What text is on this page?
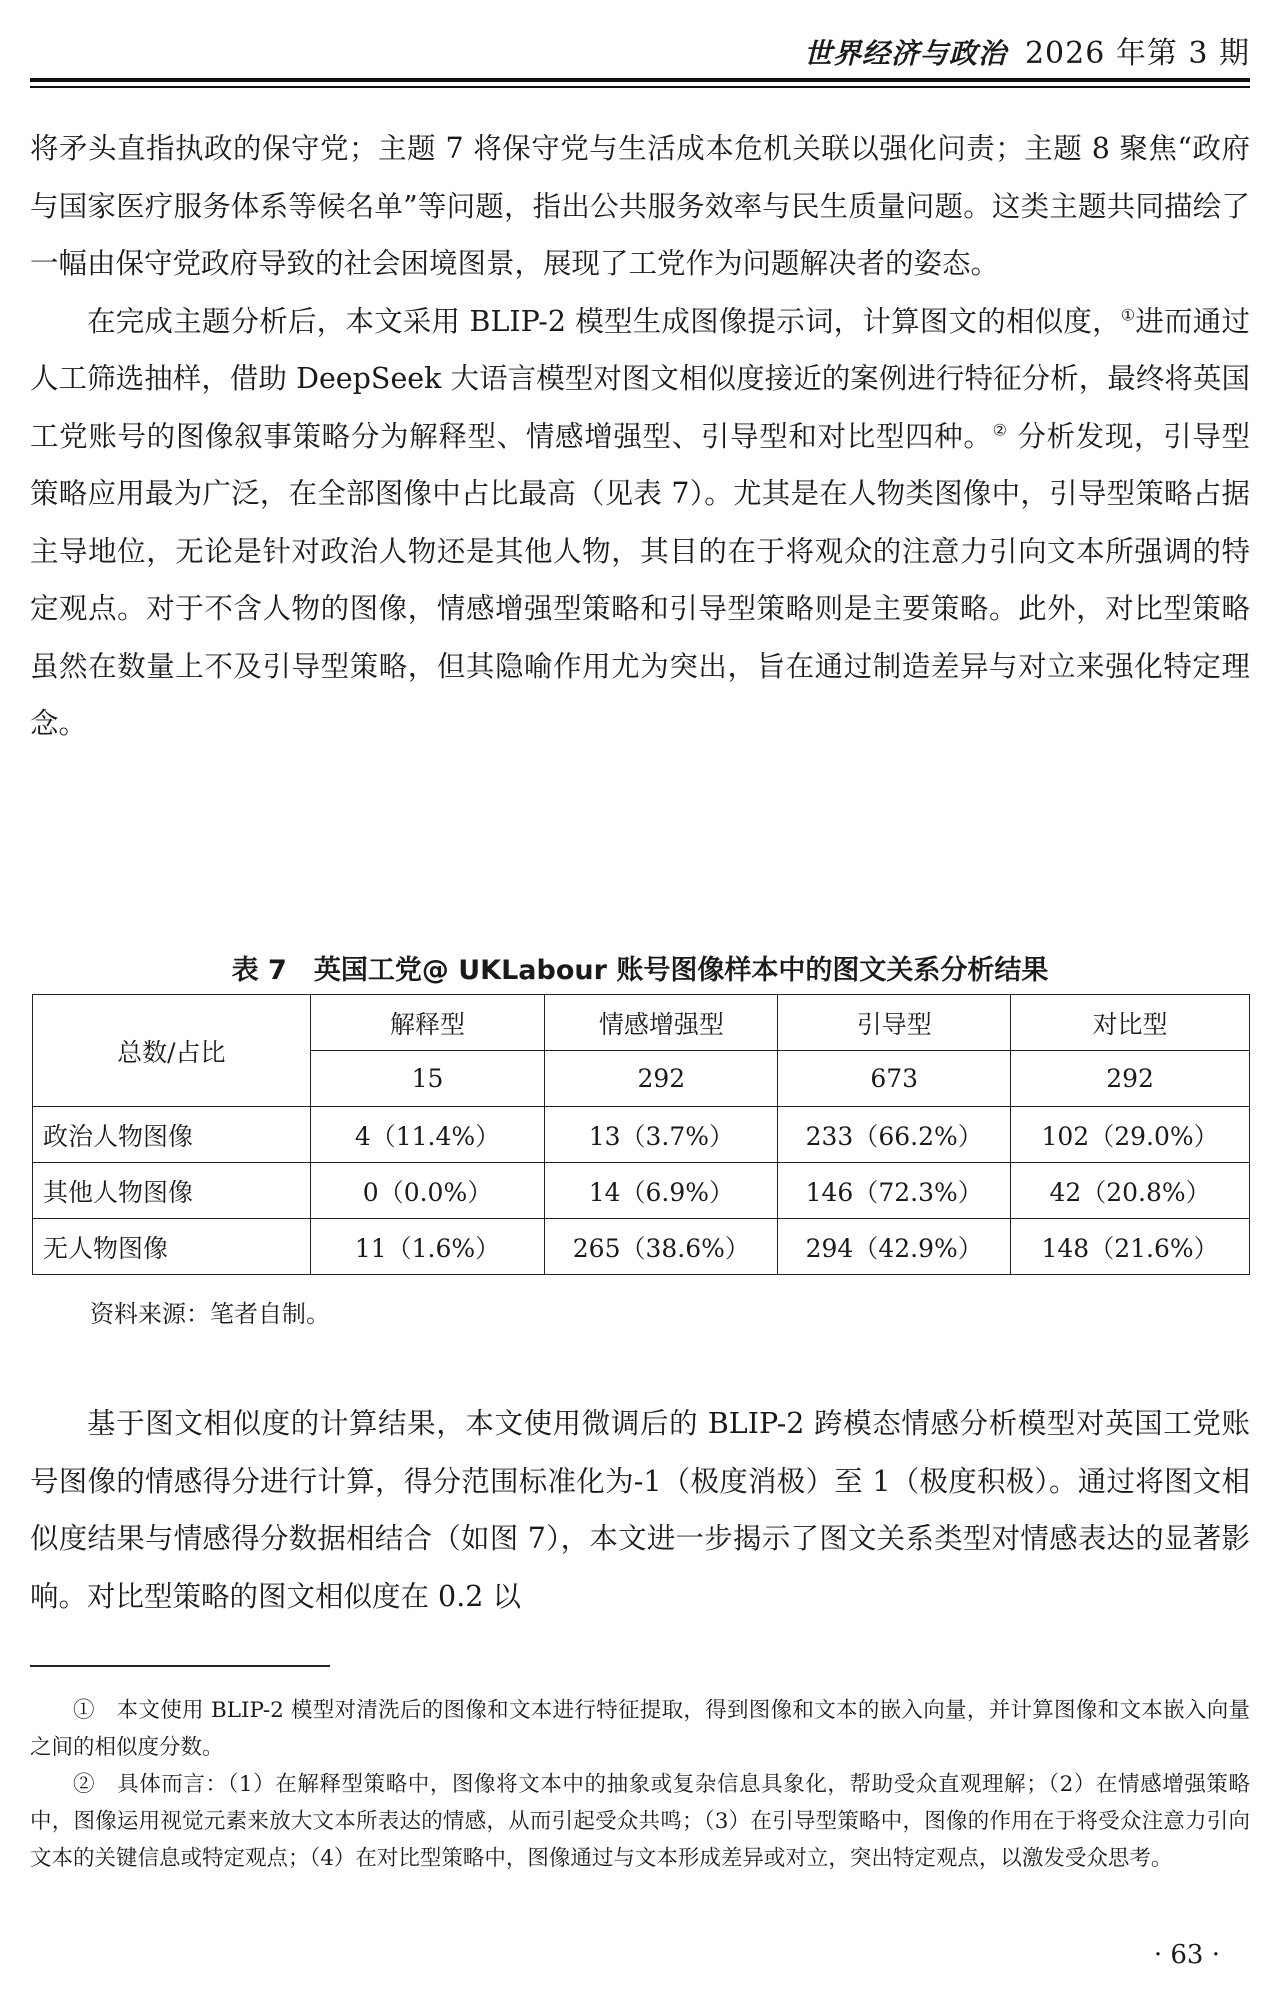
世界经济与政治 2026 年第 3 期

将矛头直指执政的保守党；主题 7 将保守党与生活成本危机关联以强化问责；主题 8 聚焦“政府与国家医疗服务体系等候名单”等问题，指出公共服务效率与民生质量问题。这类主题共同描绘了一幅由保守党政府导致的社会困境图景，展现了工党作为问题解决者的姿态。

在完成主题分析后，本文采用 BLIP-2 模型生成图像提示词，计算图文的相似度，①进而通过人工筛选抽样，借助 DeepSeek 大语言模型对图文相似度接近的案例进行特征分析，最终将英国工党账号的图像叙事策略分为解释型、情感增强型、引导型和对比型四种。② 分析发现，引导型策略应用最为广泛，在全部图像中占比最高（见表 7）。尤其是在人物类图像中，引导型策略占据主导地位，无论是针对政治人物还是其他人物，其目的在于将观众的注意力引向文本所强调的特定观点。对于不含人物的图像，情感增强型策略和引导型策略则是主要策略。此外，对比型策略虽然在数量上不及引导型策略，但其隐喻作用尤为突出，旨在通过制造差异与对立来强化特定理念。

表 7　英国工党@ UKLabour 账号图像样本中的图文关系分析结果
总数/占比	解释型	情感增强型	引导型	对比型
	15	292	673	292
政治人物图像	4（11.4%）	13（3.7%）	233（66.2%）	102（29.0%）
其他人物图像	0（0.0%）	14（6.9%）	146（72.3%）	42（20.8%）
无人物图像	11（1.6%）	265（38.6%）	294（42.9%）	148（21.6%）
资料来源：笔者自制。

基于图文相似度的计算结果，本文使用微调后的 BLIP-2 跨模态情感分析模型对英国工党账号图像的情感得分进行计算，得分范围标准化为-1（极度消极）至 1（极度积极）。通过将图文相似度结果与情感得分数据相结合（如图 7），本文进一步揭示了图文关系类型对情感表达的显著影响。对比型策略的图文相似度在 0.2 以

①　本文使用 BLIP-2 模型对清洗后的图像和文本进行特征提取，得到图像和文本的嵌入向量，并计算图像和文本嵌入向量之间的相似度分数。

②　具体而言：（1）在解释型策略中，图像将文本中的抽象或复杂信息具象化，帮助受众直观理解；（2）在情感增强策略中，图像运用视觉元素来放大文本所表达的情感，从而引起受众共鸣；（3）在引导型策略中，图像的作用在于将受众注意力引向文本的关键信息或特定观点；（4）在对比型策略中，图像通过与文本形成差异或对立，突出特定观点，以激发受众思考。

· 63 ·
